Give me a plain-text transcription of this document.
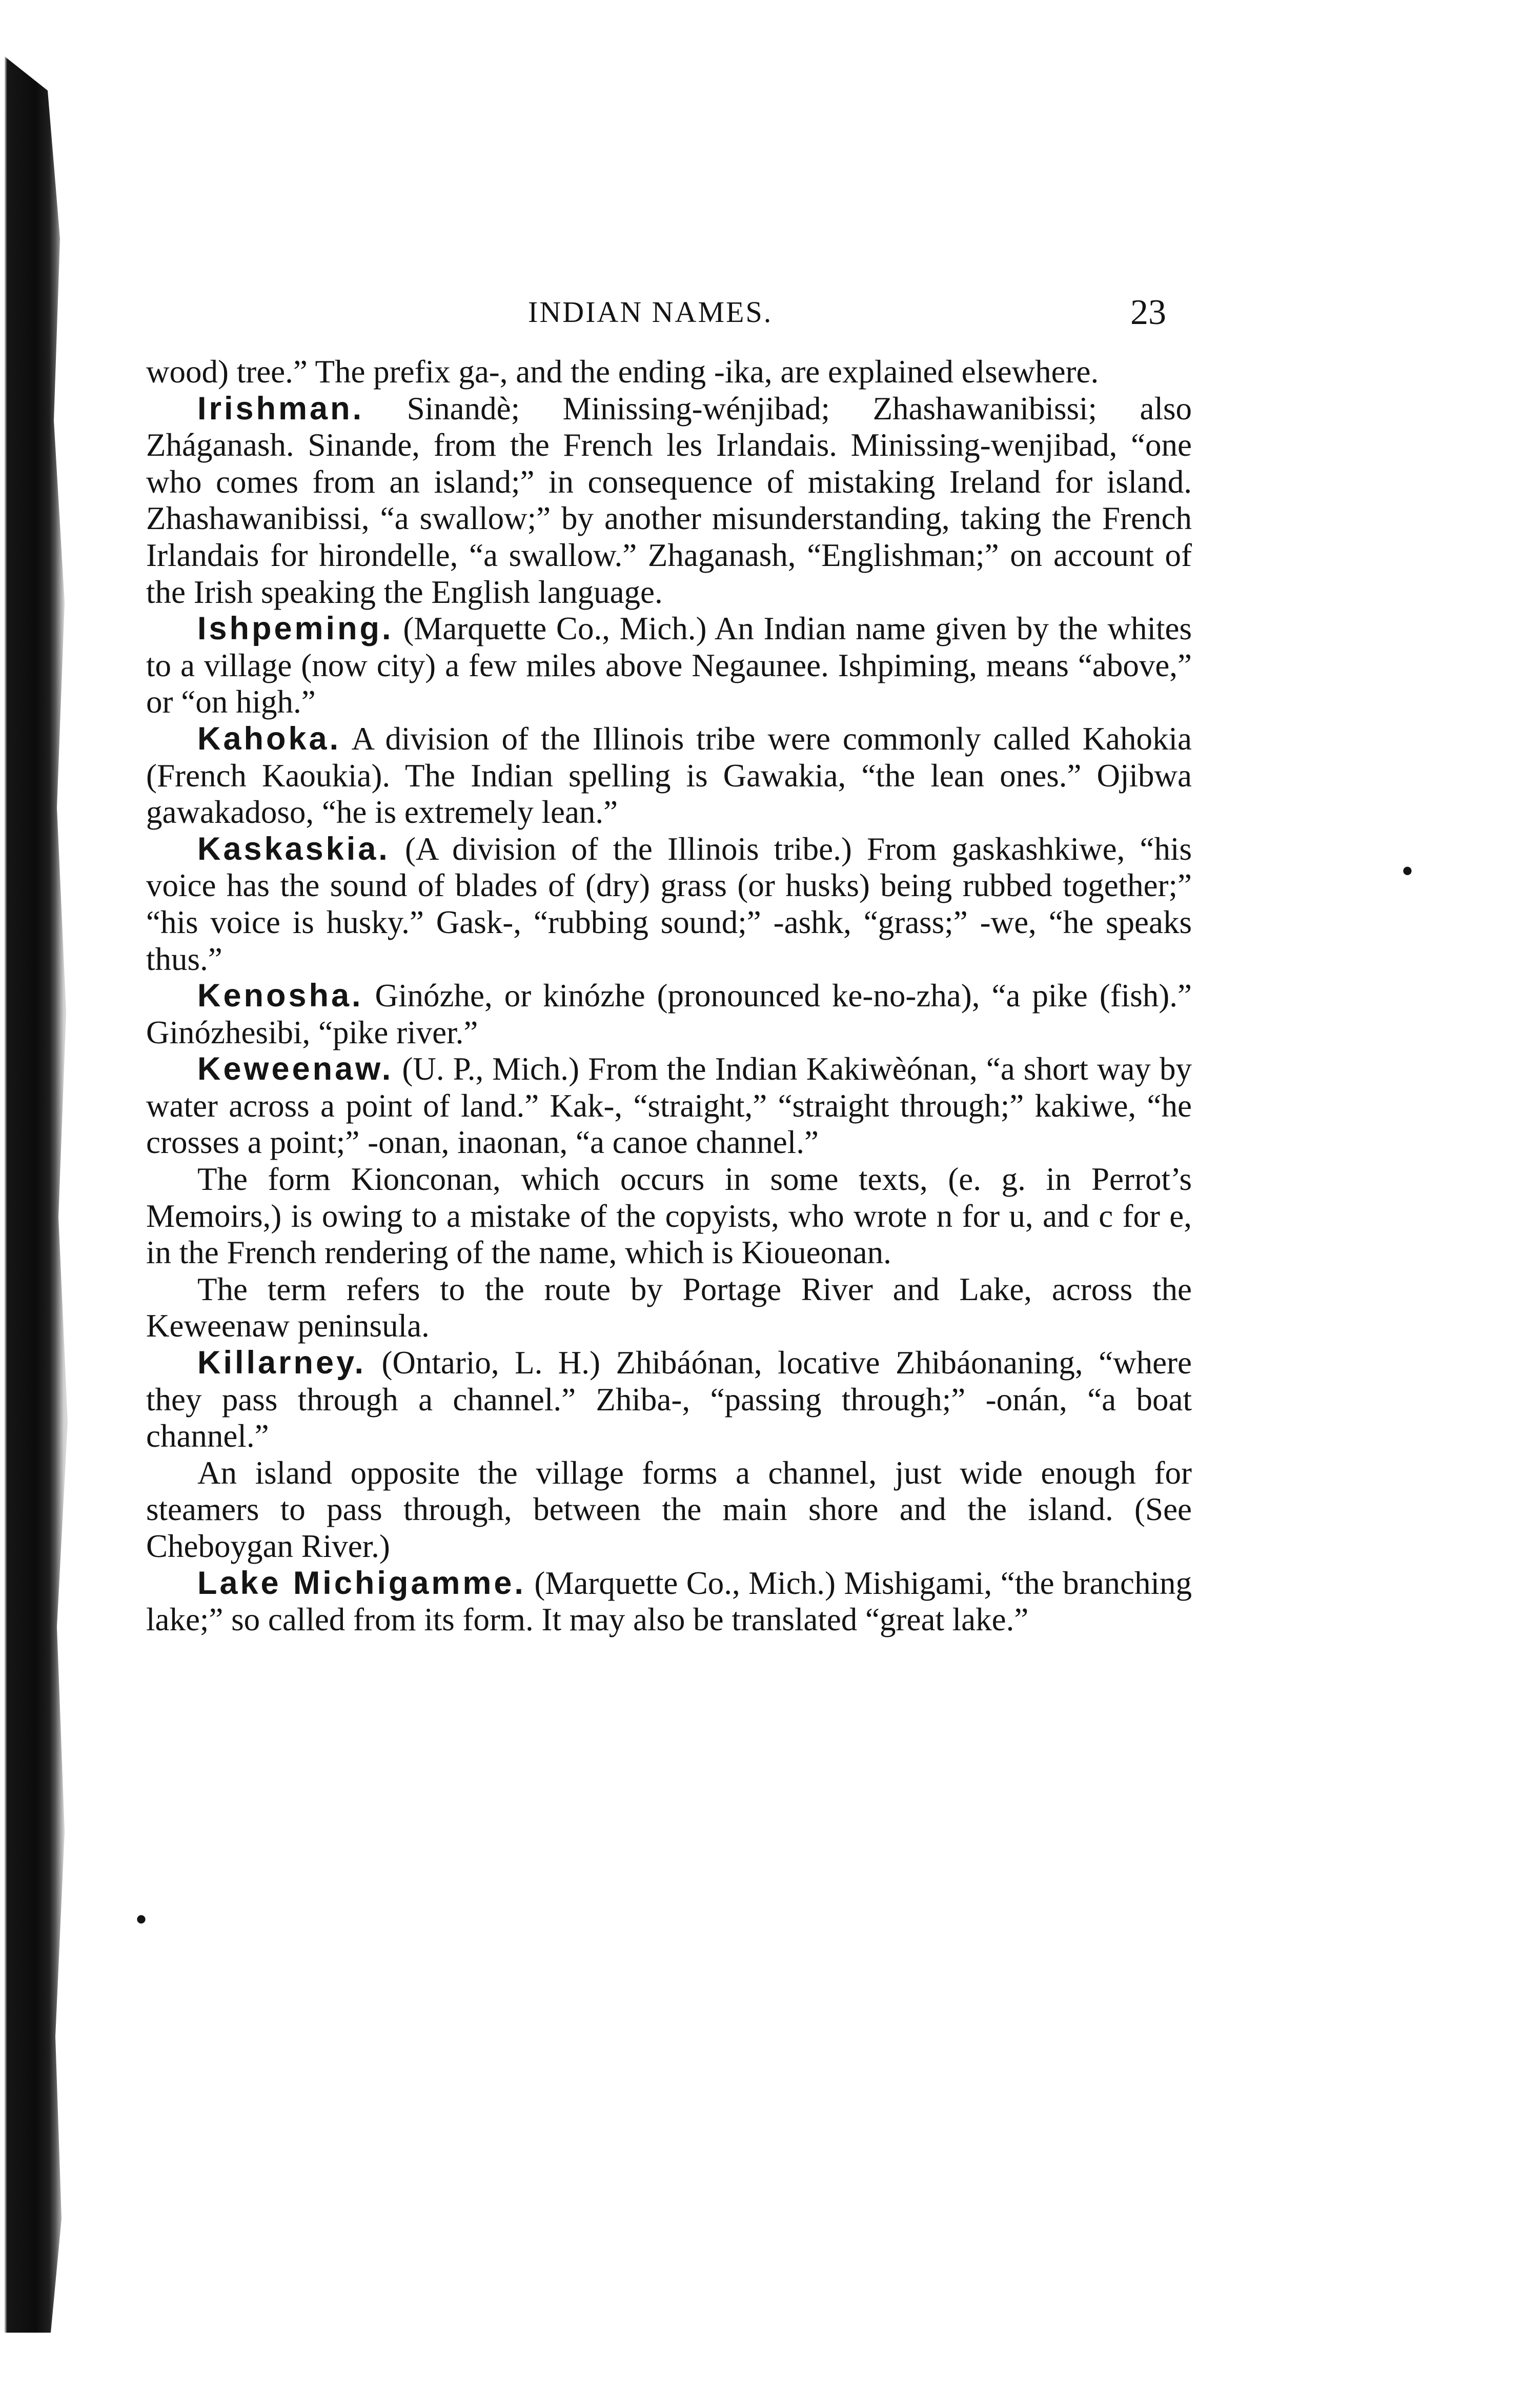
INDIAN NAMES.	23

wood) tree.” The prefix ga-, and the ending -ika, are explained elsewhere.

Irishman. Sinandè; Minissing-wénjibad; Zhashawanibissi; also Zháganash. Sinande, from the French les Irlandais. Minissing-wenjibad, “one who comes from an island;” in consequence of mistaking Ireland for island. Zhashawanibissi, “a swallow;” by another misunderstanding, taking the French Irlandais for hirondelle, “a swallow.” Zhaganash, “Englishman;” on account of the Irish speaking the English language.

Ishpeming. (Marquette Co., Mich.) An Indian name given by the whites to a village (now city) a few miles above Negaunee. Ishpiming, means “above,” or “on high.”

Kahoka. A division of the Illinois tribe were commonly called Kahokia (French Kaoukia). The Indian spelling is Gawakia, “the lean ones.” Ojibwa gawakadoso, “he is extremely lean.”

Kaskaskia. (A division of the Illinois tribe.) From gaskashkiwe, “his voice has the sound of blades of (dry) grass (or husks) being rubbed together;” “his voice is husky.” Gask-, “rubbing sound;” -ashk, “grass;” -we, “he speaks thus.”

Kenosha. Ginózhe, or kinózhe (pronounced ke-no-zha), “a pike (fish).” Ginózhesibi, “pike river.”

Keweenaw. (U. P., Mich.) From the Indian Kakiwèónan, “a short way by water across a point of land.” Kak-, “straight,” “straight through;” kakiwe, “he crosses a point;” -onan, inaonan, “a canoe channel.”

The form Kionconan, which occurs in some texts, (e. g. in Perrot’s Memoirs,) is owing to a mistake of the copyists, who wrote n for u, and c for e, in the French rendering of the name, which is Kioueonan.

The term refers to the route by Portage River and Lake, across the Keweenaw peninsula.

Killarney. (Ontario, L. H.) Zhibáónan, locative Zhibáonaning, “where they pass through a channel.” Zhiba-, “passing through;” -onán, “a boat channel.”

An island opposite the village forms a channel, just wide enough for steamers to pass through, between the main shore and the island. (See Cheboygan River.)

Lake Michigamme. (Marquette Co., Mich.) Mishigami, “the branching lake;” so called from its form. It may also be translated “great lake.”

•
•
